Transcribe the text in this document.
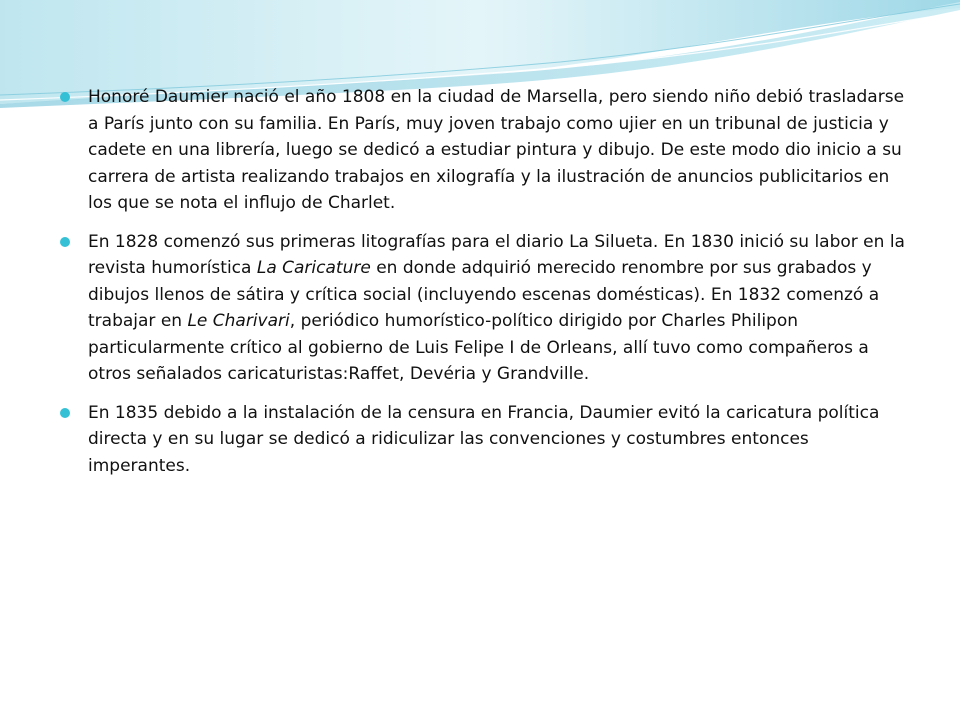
Honoré Daumier nació el año 1808 en la ciudad de Marsella, pero siendo niño debió trasladarse a París junto con su familia. En París, muy joven trabajo como ujier en un tribunal de justicia y cadete en una librería, luego se dedicó a estudiar pintura y dibujo. De este modo dio inicio a su carrera de artista realizando trabajos en xilografía y la ilustración de anuncios publicitarios en los que se nota el influjo de Charlet.

En 1828 comenzó sus primeras litografías para el diario La Silueta. En 1830 inició su labor en la revista humorística La Caricature en donde adquirió merecido renombre por sus grabados y dibujos llenos de sátira y crítica social (incluyendo escenas domésticas). En 1832 comenzó a trabajar en Le Charivari, periódico humorístico-político dirigido por Charles Philipon particularmente crítico al gobierno de Luis Felipe I de Orleans, allí tuvo como compañeros a otros señalados caricaturistas:Raffet, Devéria y Grandville.

En 1835 debido a la instalación de la censura en Francia, Daumier evitó la caricatura política directa y en su lugar se dedicó a ridiculizar las convenciones y costumbres entonces imperantes.
